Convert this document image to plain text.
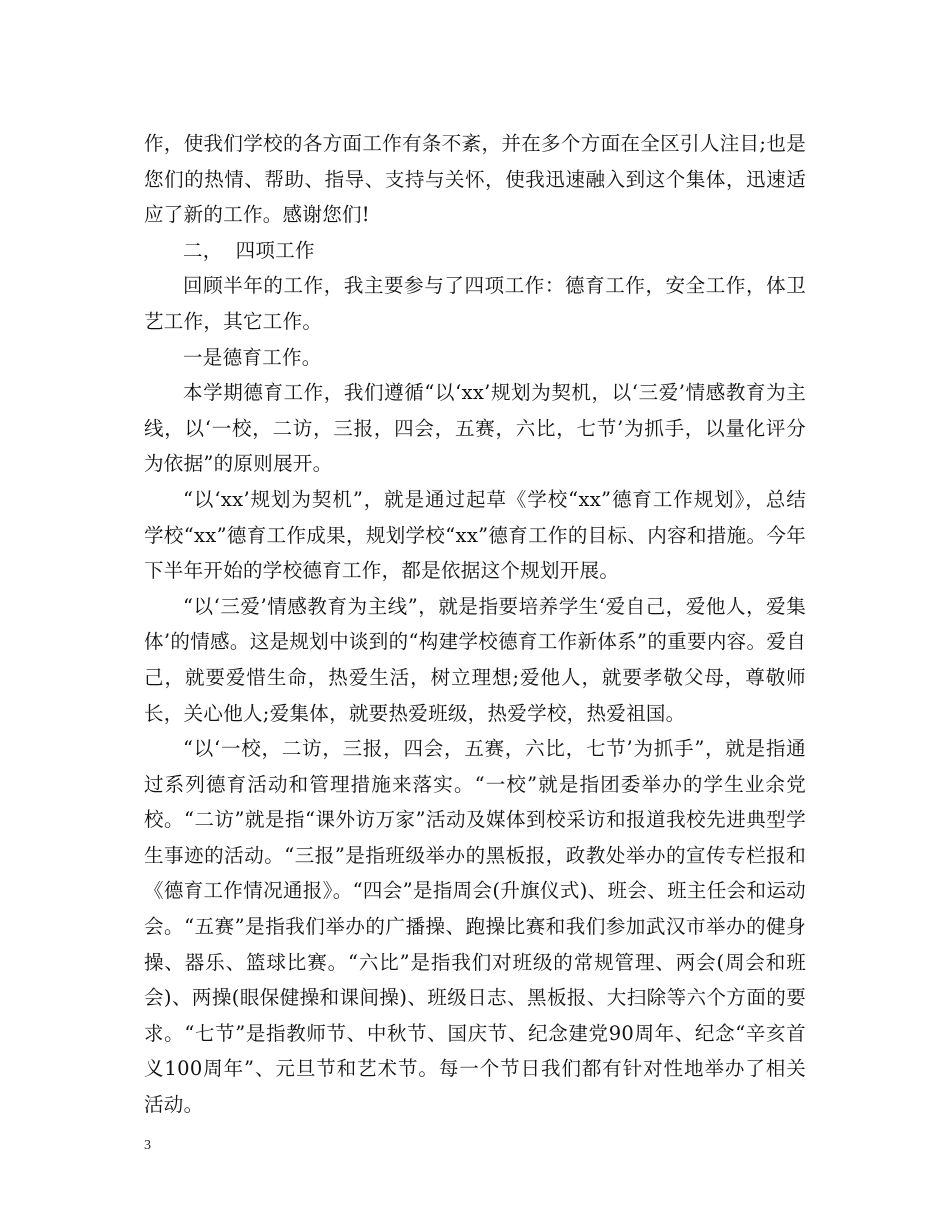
作，使我们学校的各方面工作有条不紊，并在多个方面在全区引人注目;也是您们的热情、帮助、指导、支持与关怀，使我迅速融入到这个集体，迅速适应了新的工作。感谢您们!

二，  四项工作

回顾半年的工作，我主要参与了四项工作：德育工作，安全工作，体卫艺工作，其它工作。

一是德育工作。

本学期德育工作，我们遵循“以‘xx’规划为契机，以‘三爱’情感教育为主线，以‘一校，二访，三报，四会，五赛，六比，七节’为抓手，以量化评分为依据”的原则展开。

“以‘xx’规划为契机”，就是通过起草《学校“xx”德育工作规划》，总结学校“xx”德育工作成果，规划学校“xx”德育工作的目标、内容和措施。今年下半年开始的学校德育工作，都是依据这个规划开展。

“以‘三爱’情感教育为主线”，就是指要培养学生‘爱自己，爱他人，爱集体’的情感。这是规划中谈到的“构建学校德育工作新体系”的重要内容。爱自己，就要爱惜生命，热爱生活，树立理想;爱他人，就要孝敬父母，尊敬师长，关心他人;爱集体，就要热爱班级，热爱学校，热爱祖国。

“以‘一校，二访，三报，四会，五赛，六比，七节’为抓手”，就是指通过系列德育活动和管理措施来落实。“一校”就是指团委举办的学生业余党校。“二访”就是指“课外访万家”活动及媒体到校采访和报道我校先进典型学生事迹的活动。“三报”是指班级举办的黑板报，政教处举办的宣传专栏报和《德育工作情况通报》。“四会”是指周会(升旗仪式)、班会、班主任会和运动会。“五赛”是指我们举办的广播操、跑操比赛和我们参加武汉市举办的健身操、器乐、篮球比赛。“六比”是指我们对班级的常规管理、两会(周会和班会)、两操(眼保健操和课间操)、班级日志、黑板报、大扫除等六个方面的要求。“七节”是指教师节、中秋节、国庆节、纪念建党90周年、纪念“辛亥首义100周年”、元旦节和艺术节。每一个节日我们都有针对性地举办了相关活动。

3
